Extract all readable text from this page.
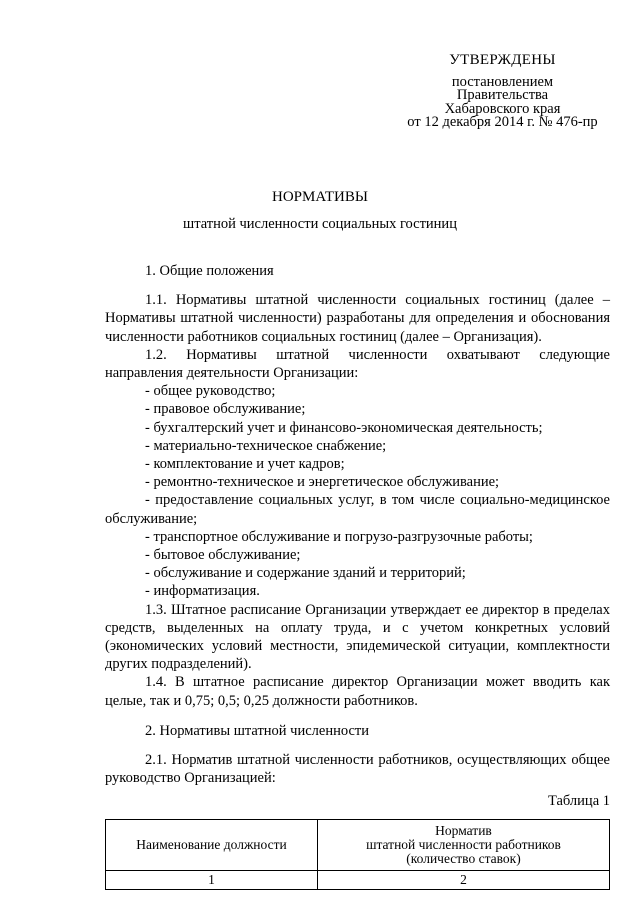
УТВЕРЖДЕНЫ
постановлением
Правительства
Хабаровского края
от 12 декабря 2014 г. № 476-пр
НОРМАТИВЫ
штатной численности социальных гостиниц

1. Общие положения

1.1. Нормативы штатной численности социальных гостиниц (далее – Нормативы штатной численности) разработаны для определения и обоснования численности работников социальных гостиниц (далее – Организация).

1.2. Нормативы штатной численности охватывают следующие направления деятельности Организации:

- общее руководство;

- правовое обслуживание;

- бухгалтерский учет и финансово-экономическая деятельность;

- материально-техническое снабжение;

- комплектование и учет кадров;

- ремонтно-техническое и энергетическое обслуживание;

- предоставление социальных услуг, в том числе социально-медицинское обслуживание;

- транспортное обслуживание и погрузо-разгрузочные работы;

- бытовое обслуживание;

- обслуживание и содержание зданий и территорий;

- информатизация.

1.3. Штатное расписание Организации утверждает ее директор в пределах средств, выделенных на оплату труда, и с учетом конкретных условий (экономических условий местности, эпидемической ситуации, комплектности других подразделений).

1.4. В штатное расписание директор Организации может вводить как целые, так и 0,75; 0,5; 0,25 должности работников.

2. Нормативы штатной численности

2.1. Норматив штатной численности работников, осуществляющих общее руководство Организацией:

Таблица 1

Наименование должности	Норматив
штатной численности работников
(количество ставок)

1	2
